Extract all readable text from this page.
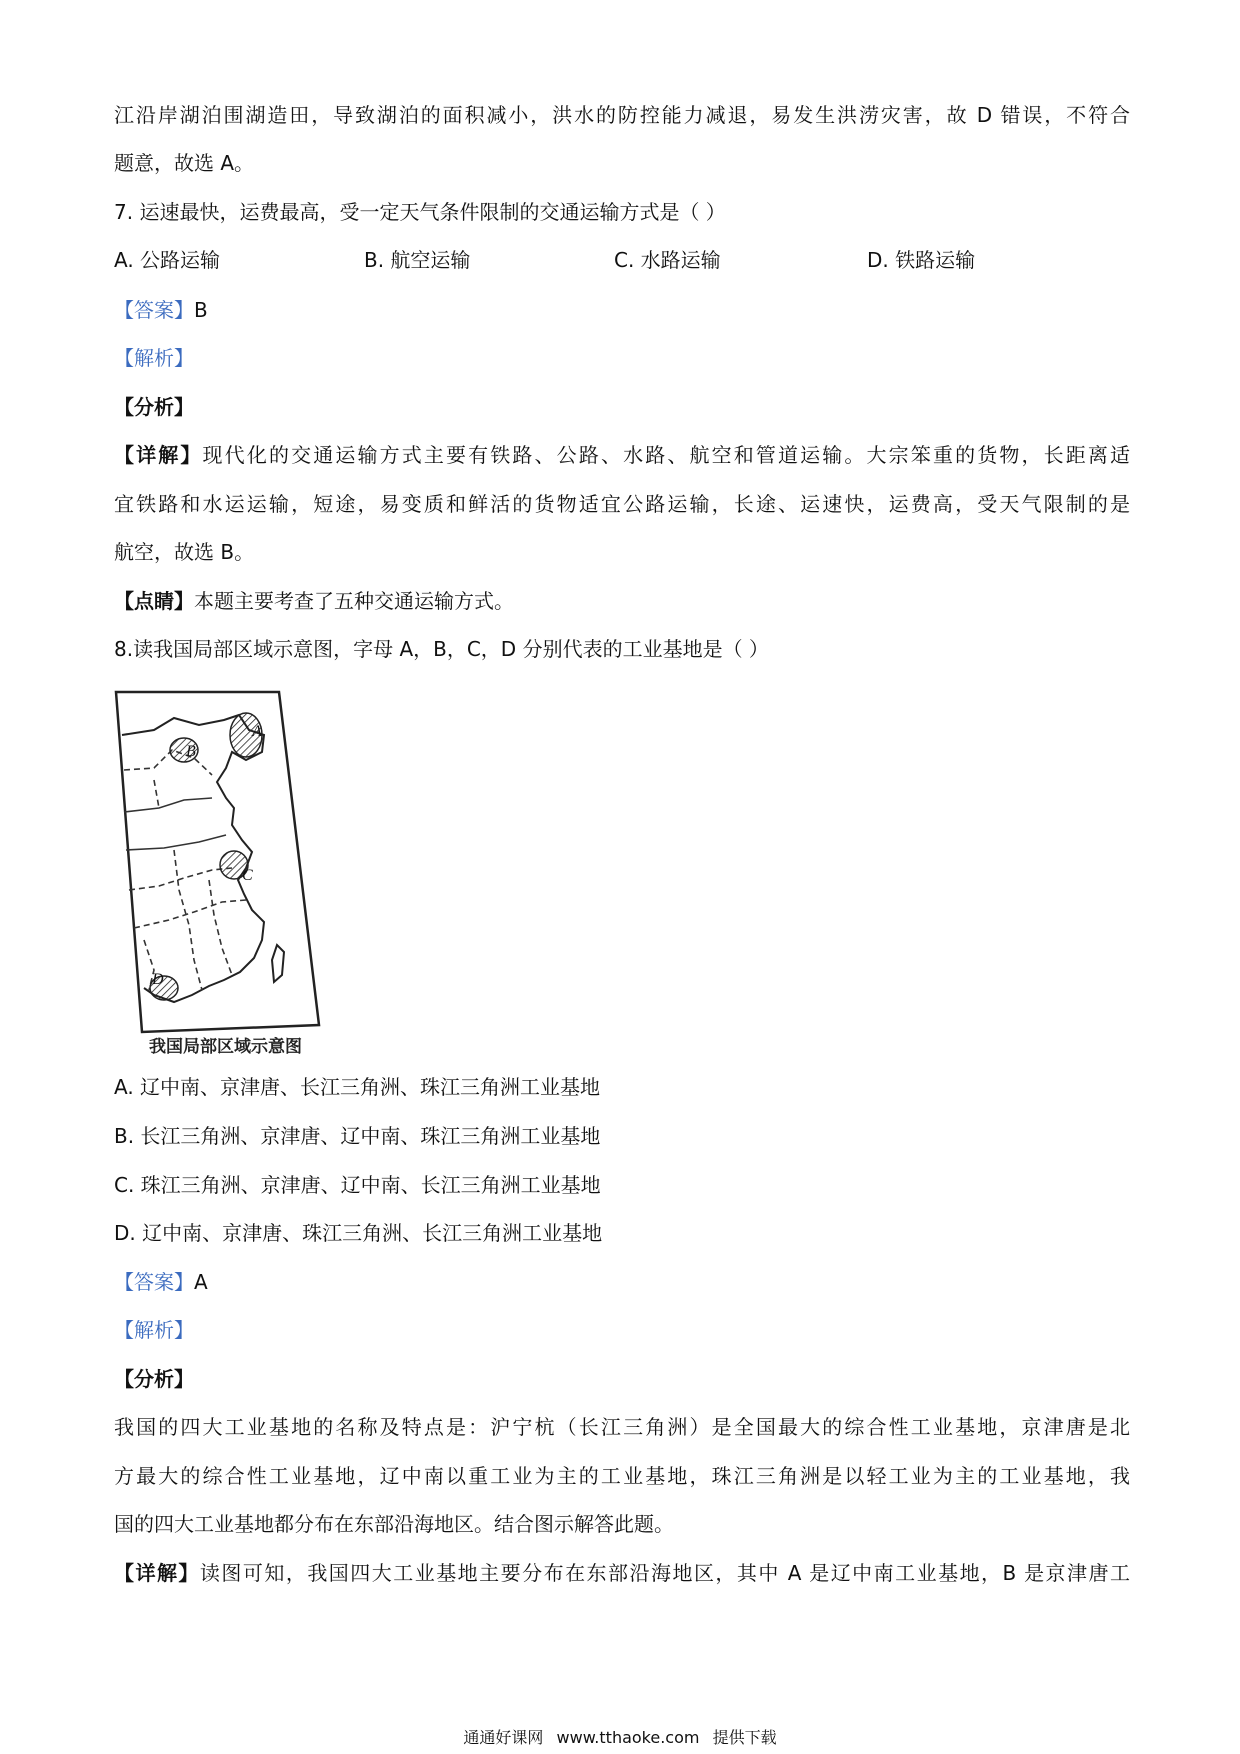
江沿岸湖泊围湖造田，导致湖泊的面积减小，洪水的防控能力减退，易发生洪涝灾害，故 D 错误，不符合
题意，故选 A。
7. 运速最快，运费最高，受一定天气条件限制的交通运输方式是（ ）
A. 公路运输	B. 航空运输	C. 水路运输	D. 铁路运输
【答案】B
【解析】
【分析】
【详解】现代化的交通运输方式主要有铁路、公路、水路、航空和管道运输。大宗笨重的货物，长距离适
宜铁路和水运运输，短途，易变质和鲜活的货物适宜公路运输，长途、运速快，运费高，受天气限制的是
航空，故选 B。
【点睛】本题主要考查了五种交通运输方式。
8.读我国局部区域示意图，字母 A，B，C，D 分别代表的工业基地是（ ）
A. 辽中南、京津唐、长江三角洲、珠江三角洲工业基地
B. 长江三角洲、京津唐、辽中南、珠江三角洲工业基地
C. 珠江三角洲、京津唐、辽中南、长江三角洲工业基地
D. 辽中南、京津唐、珠江三角洲、长江三角洲工业基地
【答案】A
【解析】
【分析】
我国的四大工业基地的名称及特点是：沪宁杭（长江三角洲）是全国最大的综合性工业基地，京津唐是北
方最大的综合性工业基地，辽中南以重工业为主的工业基地，珠江三角洲是以轻工业为主的工业基地，我
国的四大工业基地都分布在东部沿海地区。结合图示解答此题。
【详解】读图可知，我国四大工业基地主要分布在东部沿海地区，其中 A 是辽中南工业基地，B 是京津唐工
A
B
C
D
我国局部区域示意图
通通好课网 www.tthaoke.com 提供下载
